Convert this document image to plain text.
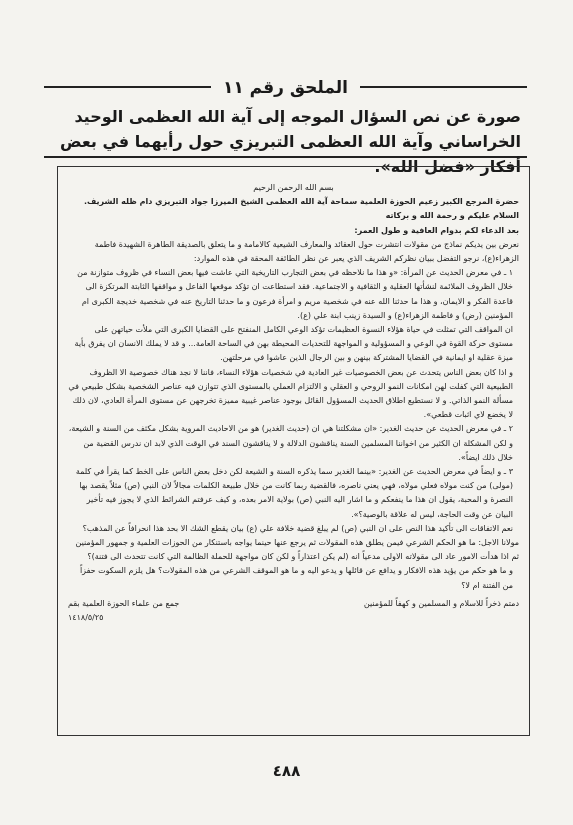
الملحق رقم ١١
صورة عن نص السؤال الموجه إلى آية الله العظمى الوحيد الخراساني وآية الله العظمى التبريزي حول رأيهما في بعض أفكار «فضل الله».

بسم الله الرحمن الرحيم

حضرة المرجع الكبير زعيم الحوزة العلمية سماحة آية الله العظمى الشيخ الميرزا جواد التبريزي دام ظله الشريف.

السلام عليكم و رحمة الله و بركاته

بعد الدعاء لكم بدوام العافية و طول العمر:

نعرض بين يديكم نماذج من مقولات انتشرت حول العقائد والمعارف الشيعية كالامامة و ما يتعلق بالصديقة الطاهرة الشهيدة فاطمة الزهراء(ع)، نرجو التفضل ببيان نظركم الشريف الذي يعبر عن نظر الطائفة المحقة في هذه الموارد:

١ ـ في معرض الحديث عن المرأة: «و هذا ما نلاحظه في بعض التجارب التاريخية التي عاشت فيها بعض النساء في ظروف متوازنة من خلال الظروف الملائمة لنشأتها العقلية و الثقافية و الاجتماعية. فقد استطاعت ان تؤكد موقعها الفاعل و مواقفها الثابتة المرتكزة الى قاعدة الفكر و الايمان، و هذا ما حدثنا الله عنه في شخصية مريم و امرأة فرعون و ما حدثنا التاريخ عنه في شخصية خديجة الكبرى ام المؤمنين (رض) و فاطمة الزهراء(ع) و السيدة زينب ابنة علي (ع).

ان المواقف التي تمثلت في حياة هؤلاء النسوة العظيمات تؤكد الوعي الكامل المنفتح على القضايا الكبرى التي ملأت حياتهن على مستوى حركة القوة في الوعي و المسؤولية و المواجهة للتحديات المحيطة بهن في الساحة العامة... و قد لا يملك الانسان ان يفرق بأية ميزة عقلية او ايمانية في القضايا المشتركة بينهن و بين الرجال الذين عاشوا في مرحلتهن.

و اذا كان بعض الناس يتحدث عن بعض الخصوصيات غير العادية في شخصيات هؤلاء النساء، فاننا لا نجد هناك خصوصية الا الظروف الطبيعية التي كفلت لهن امكانات النمو الروحي و العقلي و الالتزام العملي بالمستوى الذي تتوازن فيه عناصر الشخصية بشكل طبيعي في مسألة النمو الذاتي. و لا نستطيع اطلاق الحديث المسؤول القائل بوجود عناصر غيبية مميزة تخرجهن عن مستوى المرأة العادي، لان ذلك لا يخضع لاي اثبات قطعي».

٢ ـ في معرض الحديث عن حديث الغدير: «ان مشكلتنا هي ان (حديث الغدير) هو من الاحاديث المروية بشكل مكثف من السنة و الشيعة، و لكن المشكلة ان الكثير من اخواننا المسلمين السنة يناقشون الدلالة و لا يناقشون السند في الوقت الذي لابد ان ندرس القضية من خلال ذلك ايضاً».

٣ ـ و ايضاً في معرض الحديث عن الغدير: «بينما الغدير سما يذكره السنة و الشيعة لكن دخل بعض الناس على الخط كما يقرأ في كلمة (مولى) من كنت مولاه فعلي مولاه، فهي يعني ناصره، فالقضية ربما كانت من خلال طبيعة الكلمات مجالاً لان النبي (ص) مثلاً يقصد بها النصرة و المحبة، يقول ان هذا ما ينفعكم و ما اشار اليه النبي (ص) بولاية الامر بعده، و كيف عرفتم الشرائط الذي لا يجوز فيه تأخير البيان عن وقت الحاجة، ليس له علاقة بالوصية؟».

نعم الاتفاقات الى تأكيد هذا النص على ان النبي (ص) لم يبلغ قضية خلافة علي (ع) بيان يقطع الشك الا بحد هذا انحرافاً عن المذهب؟

مولانا الاجل: ما هو الحكم الشرعي فيمن يطلق هذه المقولات ثم يرجع عنها حينما يواجه باستنكار من الحوزات العلمية و جمهور المؤمنين ثم اذا هدأت الامور عاد الى مقولاته الاولى مدعياً انه (لم يكن اعتذاراً و لكن كان مواجهة للحملة الظالمة التي كانت تتحدث الى فتنة)؟

و ما هو حكم من يؤيد هذه الافكار و يدافع عن قائلها و يدعو اليه و ما هو الموقف الشرعي من هذه المقولات؟ هل يلزم السكوت حفزاً من الفتنة ام لا؟

دمتم ذخراً للاسلام و المسلمين و كهفاً للمؤمنين
جمع من علماء الحوزة العلمية بقم
١٤١٨/٥/٢٥
٤٨٨
